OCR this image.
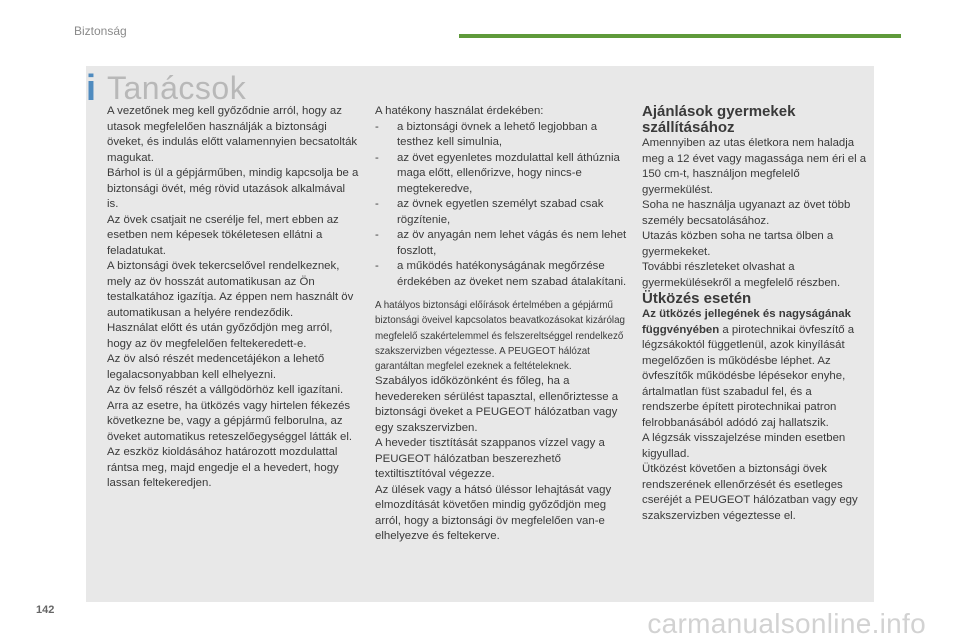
Biztonság
i Tanácsok

A vezetőnek meg kell győződnie arról, hogy az utasok megfelelően használják a biztonsági öveket, és indulás előtt valamennyien becsatolták magukat.
Bárhol is ül a gépjárműben, mindig kapcsolja be a biztonsági övét, még rövid utazások alkalmával is.
Az övek csatjait ne cserélje fel, mert ebben az esetben nem képesek tökéletesen ellátni a feladatukat.
A biztonsági övek tekercselővel rendelkeznek, mely az öv hosszát automatikusan az Ön testalkatához igazítja. Az éppen nem használt öv automatikusan a helyére rendeződik.
Használat előtt és után győződjön meg arról, hogy az öv megfelelően feltekeredett-e.
Az öv alsó részét medencetájékon a lehető legalacsonyabban kell elhelyezni.
Az öv felső részét a vállgödörhöz kell igazítani.
Arra az esetre, ha ütközés vagy hirtelen fékezés következne be, vagy a gépjármű felborulna, az öveket automatikus reteszelőegységgel látták el. Az eszköz kioldásához határozott mozdulattal rántsa meg, majd engedje el a hevedert, hogy lassan feltekeredjen.

A hatékony használat érdekében:

- a biztonsági övnek a lehető legjobban a testhez kell simulnia,
- az övet egyenletes mozdulattal kell áthúznia magа előtt, ellenőrizve, hogy nincs-e megtekeredve,
- az övnek egyetlen személyt szabad csak rögzítenie,
- az öv anyagán nem lehet vágás és nem lehet foszlott,
- a működés hatékonyságának megőrzése érdekében az öveket nem szabad átalakítani.

A hatályos biztonsági előírások értelmében a gépjármű biztonsági öveivel kapcsolatos beavatkozásokat kizárólag megfelelő szakértelemmel és felszereltséggel rendelkező szakszervizben végeztesse. A PEUGEOT hálózat garantáltan megfelel ezeknek a feltételeknek.

Szabályos időközönként és főleg, ha a hevedereken sérülést tapasztal, ellenőriztesse a biztonsági öveket a PEUGEOT hálózatban vagy egy szakszervizben.
A heveder tisztítását szappanos vízzel vagy a PEUGEOT hálózatban beszerezhető textiltisztítóval végezze.
Az ülések vagy a hátsó üléssor lehajtását vagy elmozdítását követően mindig győződjön meg arról, hogy a biztonsági öv megfelelően van-e elhelyezve és feltekerve.

Ajánlások gyermekek szállításához

Amennyiben az utas életkora nem haladja meg a 12 évet vagy magassága nem éri el a 150 cm-t, használjon megfelelő gyermekülést.
Soha ne használja ugyanazt az övet több személy becsatolásához.
Utazás közben soha ne tartsa ölben a gyermekeket.
További részleteket olvashat a gyermekülésekről a megfelelő részben.

Ütközés esetén

Az ütközés jellegének és nagyságának függvényében a pirotechnikai övfeszítő a légzsákoktól függetlenül, azok kinyílását megelőzően is működésbe léphet. Az övfeszítők működésbe lépésekor enyhe, ártalmatlan füst szabadul fel, és a rendszerbe épített pirotechnikai patron felrobbanásából adódó zaj hallatszik.
A légzsák visszajelzése minden esetben kigyullad.
Ütközést követően a biztonsági övek rendszerének ellenőrzését és esetleges cseréjét a PEUGEOT hálózatban vagy egy szakszervizben végeztesse el.

142	carmanualsonline.info
